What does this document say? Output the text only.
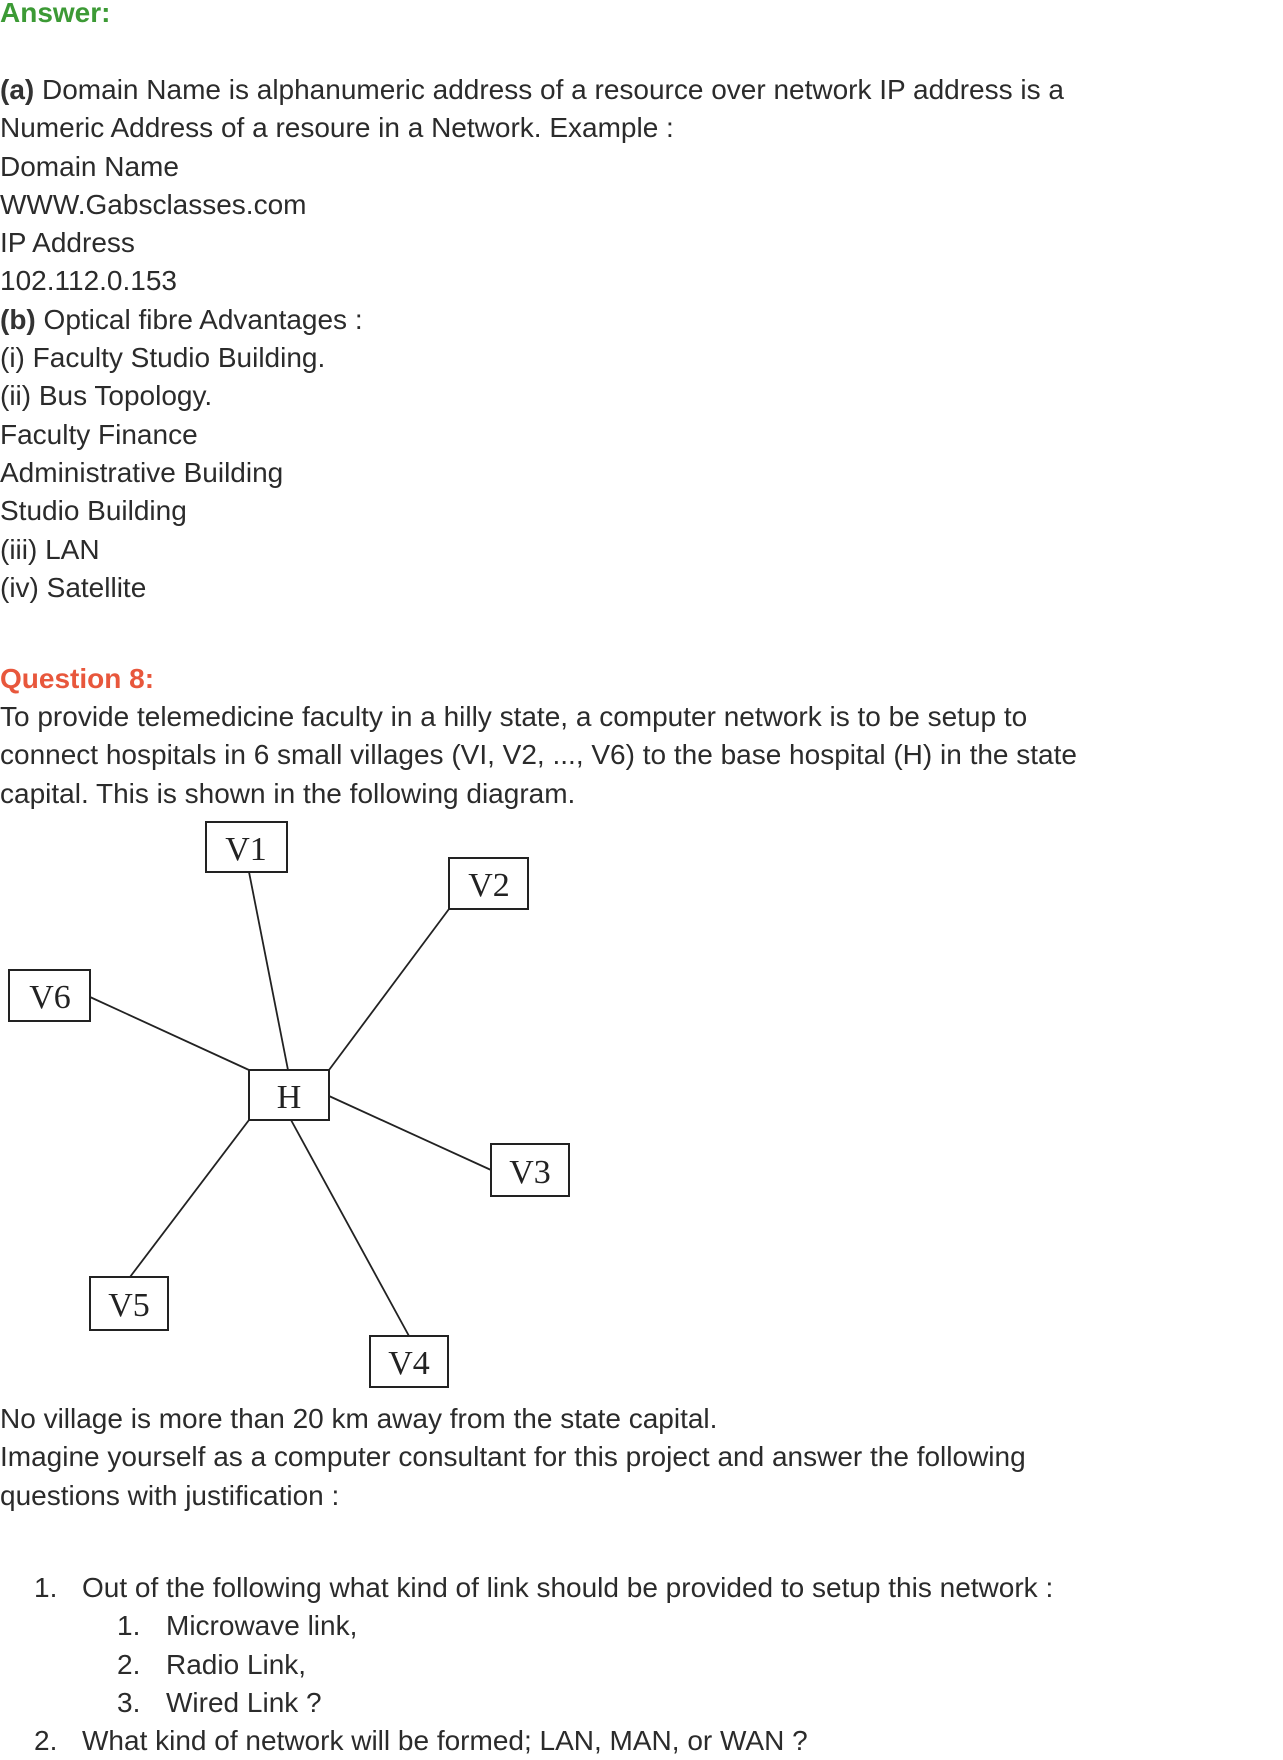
Answer:
(a) Domain Name is alphanumeric address of a resource over network IP address is a
Numeric Address of a resoure in a Network. Example :
Domain Name
WWW.Gabsclasses.com
IP Address
102.112.0.153
(b) Optical fibre Advantages :
(i) Faculty Studio Building.
(ii) Bus Topology.
Faculty Finance
Administrative Building
Studio Building
(iii) LAN
(iv) Satellite
Question 8:
To provide telemedicine faculty in a hilly state, a computer network is to be setup to
connect hospitals in 6 small villages (VI, V2, ..., V6) to the base hospital (H) in the state
capital. This is shown in the following diagram.
V1
V2
V6
H
V3
V5
V4
No village is more than 20 km away from the state capital.
Imagine yourself as a computer consultant for this project and answer the following
questions with justification :
1. Out of the following what kind of link should be provided to setup this network :
1. Microwave link,
2. Radio Link,
3. Wired Link ?
2. What kind of network will be formed; LAN, MAN, or WAN ?
